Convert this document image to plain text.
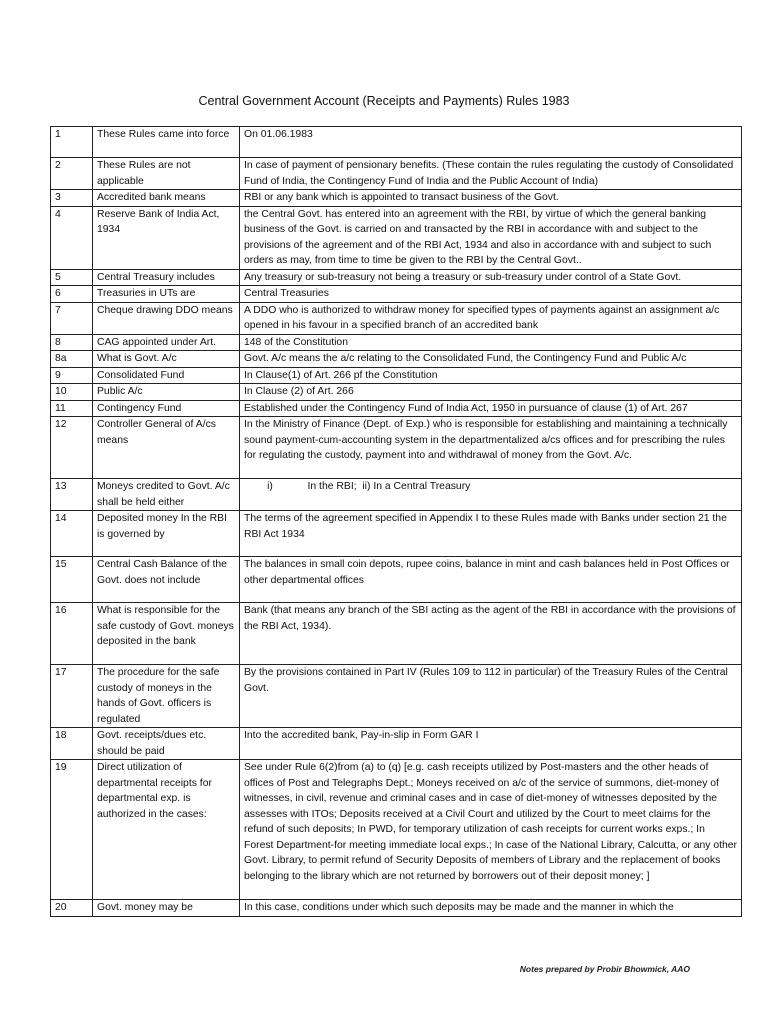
Central Government Account (Receipts and Payments) Rules 1983
1	These Rules came into force	On 01.06.1983
2	These Rules are not applicable	In case of payment of pensionary benefits. (These contain the rules regulating the custody of Consolidated Fund of India, the Contingency Fund of India and the Public Account of India)
3	Accredited bank means	RBI or any bank which is appointed to transact business of the Govt.
4	Reserve Bank of India Act, 1934	the Central Govt. has entered into an agreement with the RBI, by virtue of which the general banking business of the Govt. is carried on and transacted by the RBI in accordance with and subject to the provisions of the agreement and of the RBI Act, 1934 and also in accordance with and subject to such orders as may, from time to time be given to the RBI by the Central Govt..
5	Central Treasury includes	Any treasury or sub-treasury not being a treasury or sub-treasury under control of a State Govt.
6	Treasuries in UTs are	Central Treasuries
7	Cheque drawing DDO means	A DDO who is authorized to withdraw money for specified types of payments against an assignment a/c opened in his favour in a specified branch of an accredited bank
8	CAG appointed under Art.	148 of the Constitution
8a	What is Govt. A/c	Govt. A/c means the a/c relating to the Consolidated Fund, the Contingency Fund and Public A/c
9	Consolidated Fund	In Clause(1) of Art. 266 pf the Constitution
10	Public A/c	In Clause (2) of Art. 266
11	Contingency Fund	Established under the Contingency Fund of India Act, 1950 in pursuance of clause (1) of Art. 267
12	Controller General of A/cs means	In the Ministry of Finance (Dept. of Exp.) who is responsible for establishing and maintaining a technically sound payment-cum-accounting system in the departmentalized a/cs offices and for prescribing the rules for regulating the custody, payment into and withdrawal of money from the Govt. A/c.
13	Moneys credited to Govt. A/c shall be held either	i)            In the RBI;  ii) In a Central Treasury
14	Deposited money In the RBI is governed by	The terms of the agreement specified in Appendix I to these Rules made with Banks under section 21 the RBI Act 1934
15	Central Cash Balance of the Govt. does not include	The balances in small coin depots, rupee coins, balance in mint and cash balances held in Post Offices or other departmental offices
16	What is responsible for the safe custody of Govt. moneys deposited in the bank	Bank (that means any branch of the SBI acting as the agent of the RBI in accordance with the provisions of the RBI Act, 1934).
17	The procedure for the safe custody of moneys in the hands of Govt. officers is regulated	By the provisions contained in Part IV (Rules 109 to 112 in particular) of the Treasury Rules of the Central Govt.
18	Govt. receipts/dues etc. should be paid	Into the accredited bank, Pay-in-slip in Form GAR I
19	Direct utilization of departmental receipts for departmental exp. is authorized in the cases:	See under Rule 6(2)from (a) to (q) [e.g. cash receipts utilized by Post-masters and the other heads of offices of Post and Telegraphs Dept.; Moneys received on a/c of the service of summons, diet-money of witnesses, in civil, revenue and criminal cases and in case of diet-money of witnesses deposited by the assesses with ITOs; Deposits received at a Civil Court and utilized by the Court to meet claims for the refund of such deposits; In PWD, for temporary utilization of cash receipts for current works exps.; In Forest Department-for meeting immediate local exps.; In case of the National Library, Calcutta, or any other Govt. Library, to permit refund of Security Deposits of members of Library and the replacement of books belonging to the library which are not returned by borrowers out of their deposit money; ]
20	Govt. money may be	In this case, conditions under which such deposits may be made and the manner in which the
Notes prepared by Probir Bhowmick, AAO
